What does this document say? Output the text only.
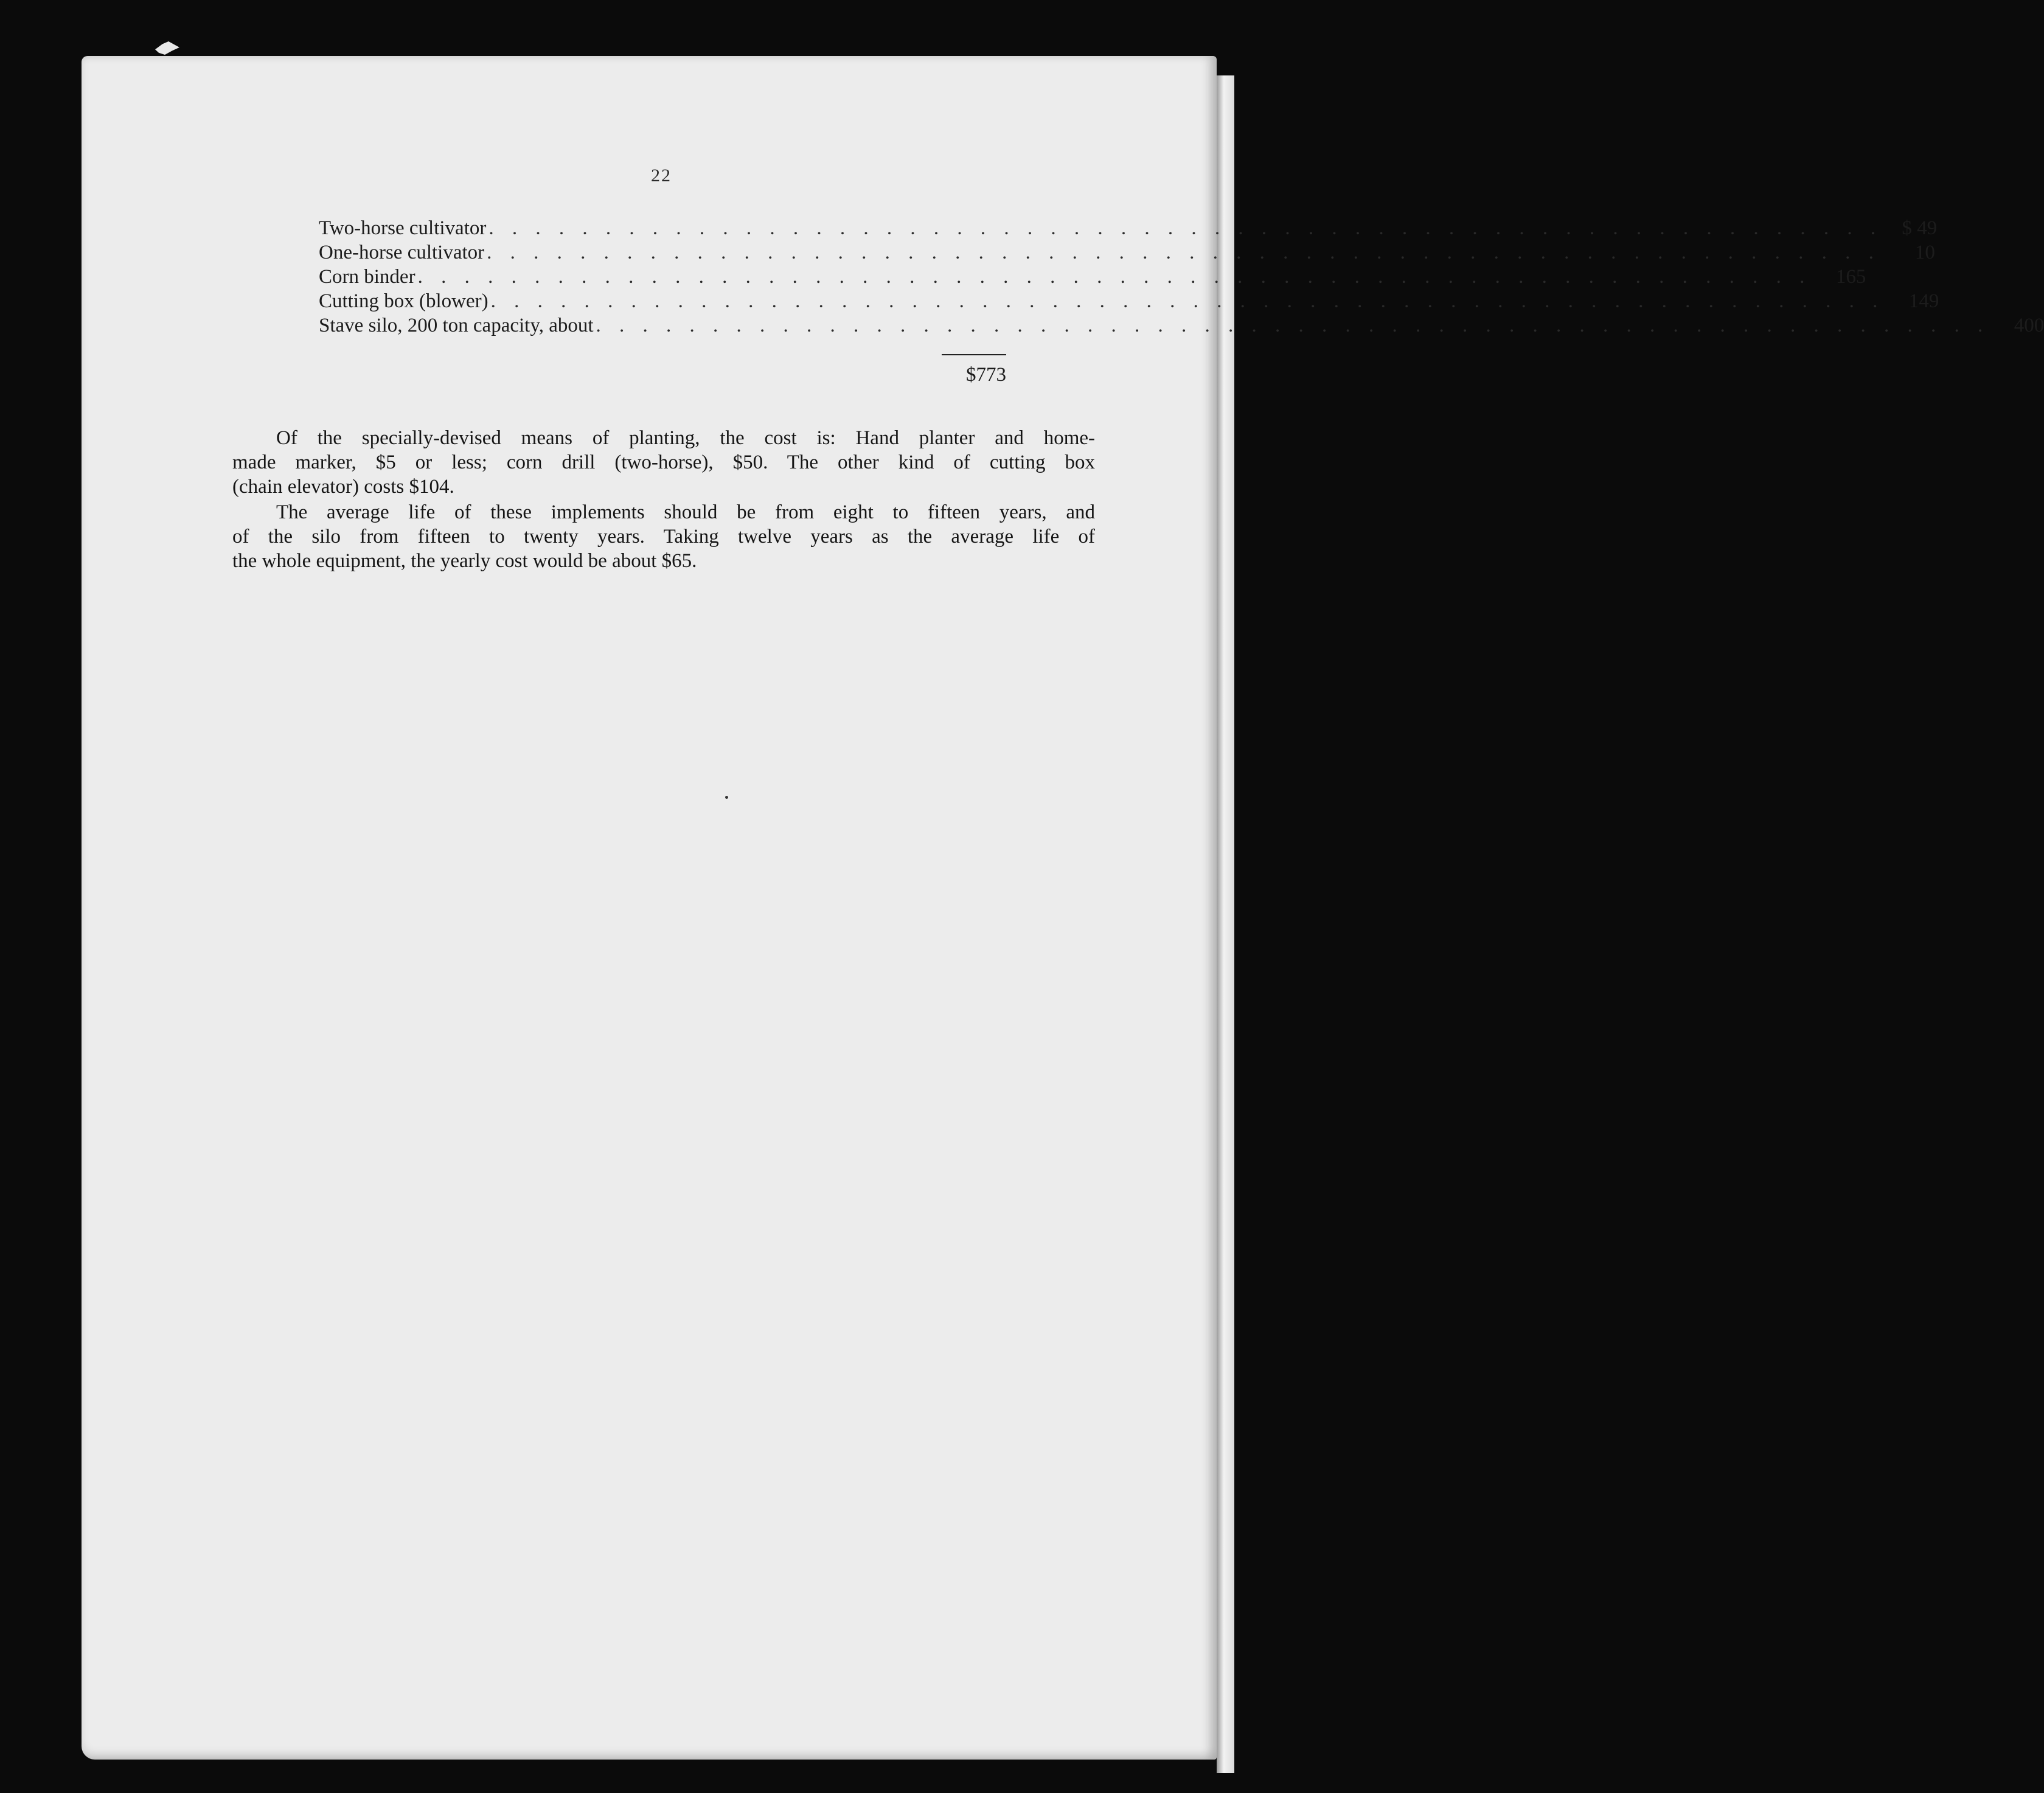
22
Two-horse cultivator . . . . . . . . . . . . . . . . . . . . . . . . . . . . . . . . . . . . . . . . . . . . . . . . . . . . . . . . . . . . $ 49
One-horse cultivator . . . . . . . . . . . . . . . . . . . . . . . . . . . . . . . . . . . . . . . . . . . . . . . . . . . . . . . . . . . .	10
Corn binder . . . . . . . . . . . . . . . . . . . . . . . . . . . . . . . . . . . . . . . . . . . . . . . . . . . . . . . . . . . .	165
Cutting box (blower) . . . . . . . . . . . . . . . . . . . . . . . . . . . . . . . . . . . . . . . . . . . . . . . . . . . . . . . . . . . .	149
Stave silo, 200 ton capacity, about . . . . . . . . . . . . . . . . . . . . . . . . . . . . . . . . . . . . . . . . . . . . . . . . . . . . . . . . . . . .	400
$773
Of the specially-devised means of planting, the cost is: Hand planter and home-
made marker, $5 or less; corn drill (two-horse), $50. The other kind of cutting box
(chain elevator) costs $104.
The average life of these implements should be from eight to fifteen years, and
of the silo from fifteen to twenty years. Taking twelve years as the average life of
the whole equipment, the yearly cost would be about $65.
